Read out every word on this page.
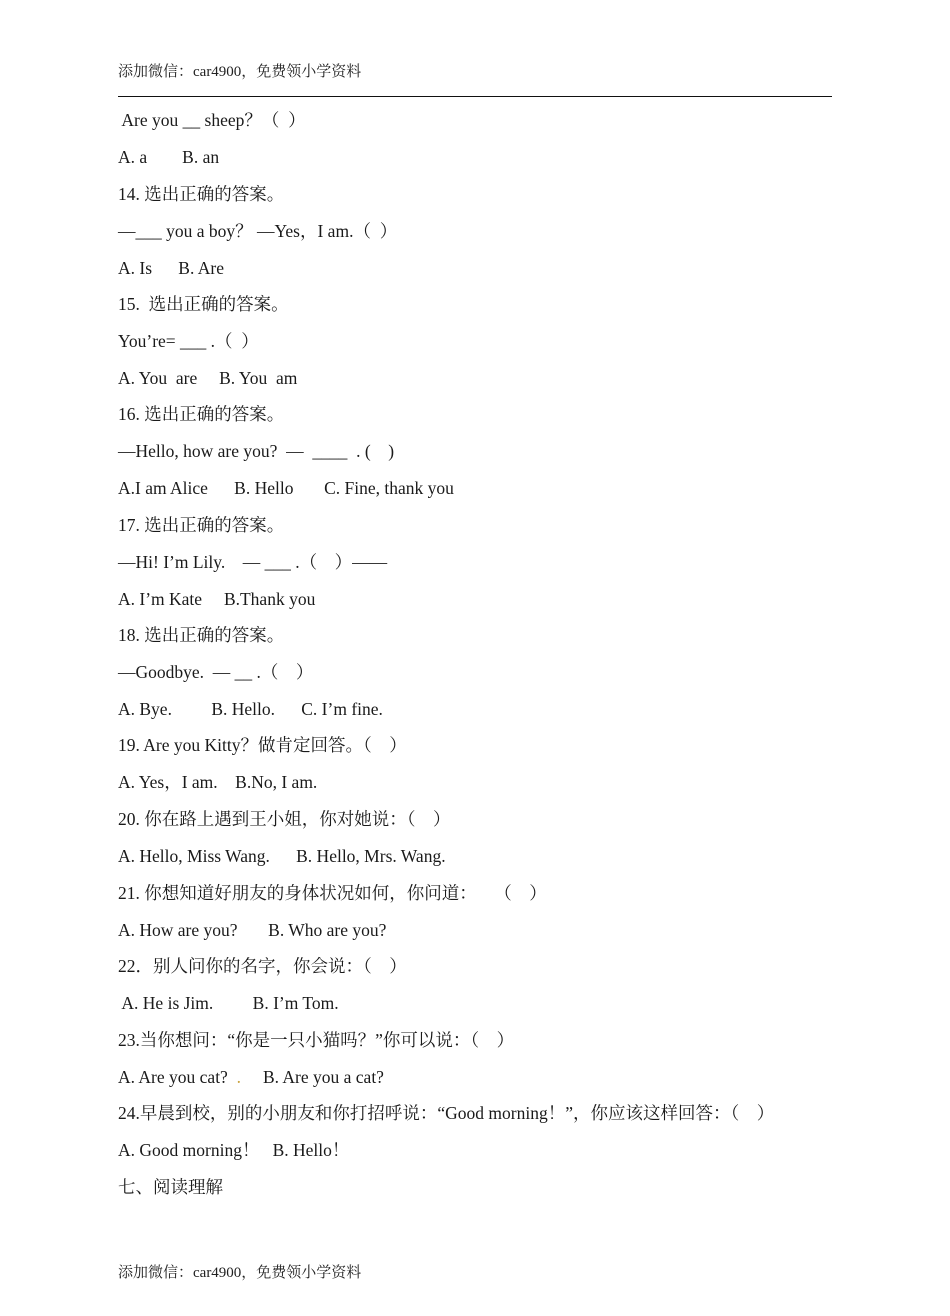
添加微信：car4900，免费领小学资料
Are you __ sheep？（  ）
A. a        B. an
14. 选出正确的答案。
—___ you a boy？ —Yes，I am.（  ）
A. Is      B. Are
15.  选出正确的答案。
You’re= ___ .（  ）
A. You  are     B. You  am
16. 选出正确的答案。
—Hello, how are you?  —  ____  . (    )
A.I am Alice      B. Hello       C. Fine, thank you
17. 选出正确的答案。
—Hi! I’m Lily.    — ___ .（    ）——
A. I’m Kate     B.Thank you
18. 选出正确的答案。
—Goodbye.  — __ .（    ）
A. Bye.         B. Hello.      C. I’m fine.
19. Are you Kitty？做肯定回答。（    ）
A. Yes，I am.    B.No, I am.
20. 你在路上遇到王小姐，你对她说：（    ）
A. Hello, Miss Wang.      B. Hello, Mrs. Wang.
21. 你想知道好朋友的身体状况如何，你问道：    （    ）
A. How are you?       B. Who are you?
22．别人问你的名字，你会说：（    ）
A. He is Jim.         B. I’m Tom.
23.当你想问：“你是一只小猫吗？”你可以说：（    ）
A. Are you cat?  . B. Are you a cat?
24.早晨到校，别的小朋友和你打招呼说：“Good morning！”，你应该这样回答：（    ）
A. Good morning！   B. Hello！
七、阅读理解
添加微信：car4900，免费领小学资料
